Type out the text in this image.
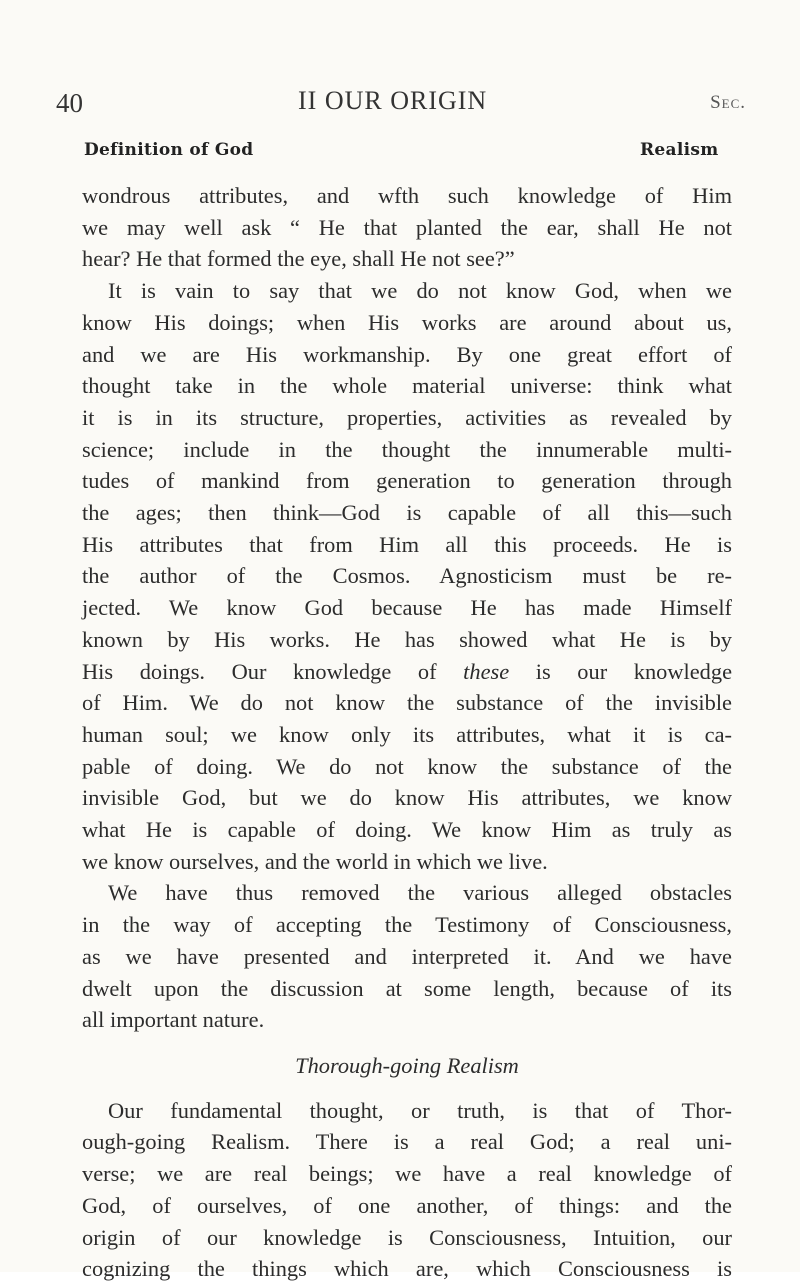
40	II OUR ORIGIN	Sec.
Definition of God	Realism
wondrous attributes, and wfth such knowledge of Him
we may well ask “ He that planted the ear, shall He not
hear? He that formed the eye, shall He not see?”
It is vain to say that we do not know God, when we
know His doings; when His works are around about us,
and we are His workmanship. By one great effort of
thought take in the whole material universe: think what
it is in its structure, properties, activities as revealed by
science; include in the thought the innumerable multi-
tudes of mankind from generation to generation through
the ages; then think—God is capable of all this—such
His attributes that from Him all this proceeds. He is
the author of the Cosmos. Agnosticism must be re-
jected. We know God because He has made Himself
known by His works. He has showed what He is by
His doings. Our knowledge of these is our knowledge
of Him. We do not know the substance of the invisible
human soul; we know only its attributes, what it is ca-
pable of doing. We do not know the substance of the
invisible God, but we do know His attributes, we know
what He is capable of doing. We know Him as truly as
we know ourselves, and the world in which we live.
We have thus removed the various alleged obstacles
in the way of accepting the Testimony of Consciousness,
as we have presented and interpreted it. And we have
dwelt upon the discussion at some length, because of its
all important nature.
Thorough-going Realism
Our fundamental thought, or truth, is that of Thor-
ough-going Realism. There is a real God; a real uni-
verse; we are real beings; we have a real knowledge of
God, of ourselves, of one another, of things: and the
origin of our knowledge is Consciousness, Intuition, our
cognizing the things which are, which Consciousness is
